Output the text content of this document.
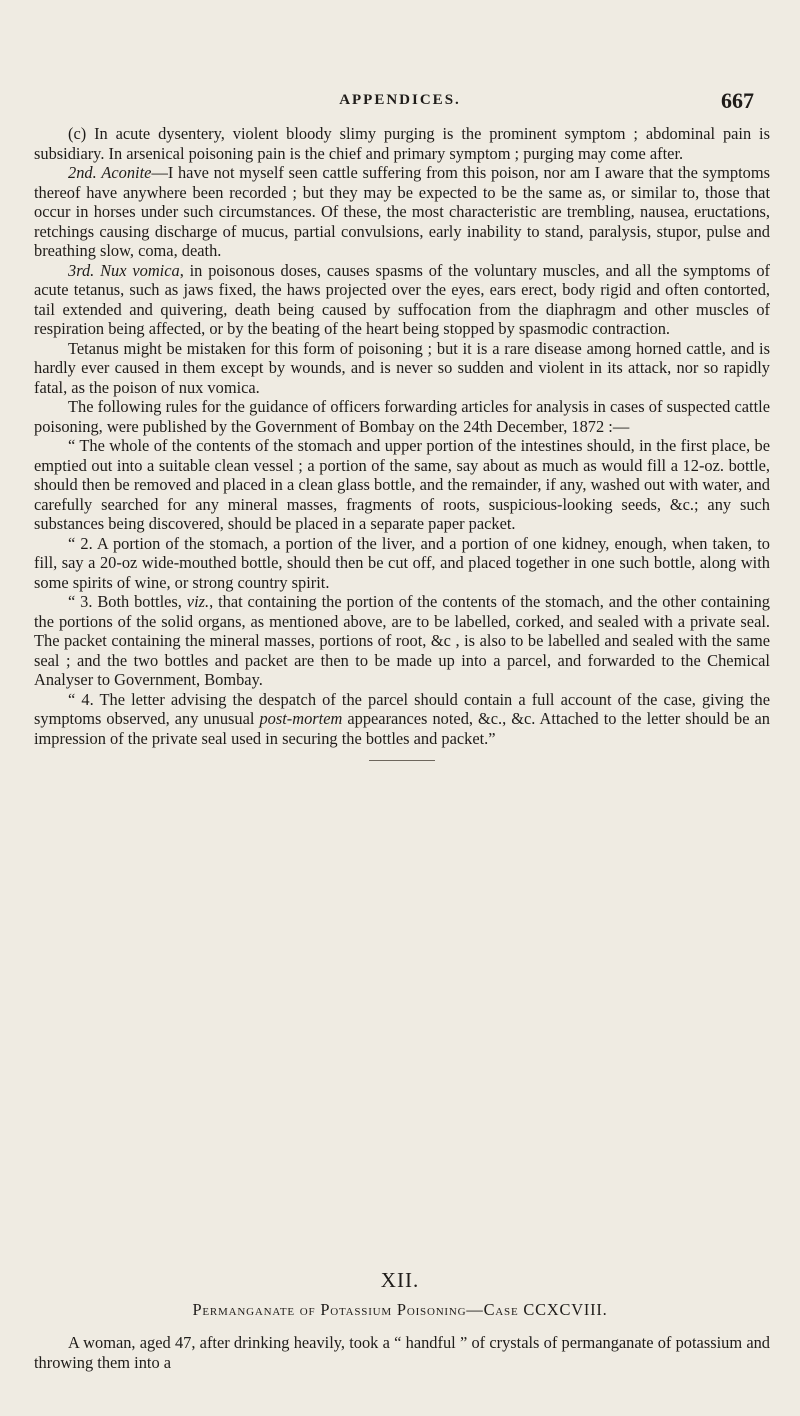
APPENDICES.	667

(c) In acute dysentery, violent bloody slimy purging is the prominent symptom ; abdominal pain is subsidiary. In arsenical poisoning pain is the chief and primary symptom ; purging may come after.

2nd. Aconite—I have not myself seen cattle suffering from this poison, nor am I aware that the symptoms thereof have anywhere been recorded ; but they may be expected to be the same as, or similar to, those that occur in horses under such circumstances. Of these, the most characteristic are trembling, nausea, eructations, retchings causing discharge of mucus, partial convulsions, early inability to stand, paralysis, stupor, pulse and breathing slow, coma, death.

3rd. Nux vomica, in poisonous doses, causes spasms of the voluntary muscles, and all the symptoms of acute tetanus, such as jaws fixed, the haws projected over the eyes, ears erect, body rigid and often contorted, tail extended and quivering, death being caused by suffocation from the diaphragm and other muscles of respiration being affected, or by the beating of the heart being stopped by spasmodic contraction.

Tetanus might be mistaken for this form of poisoning ; but it is a rare disease among horned cattle, and is hardly ever caused in them except by wounds, and is never so sudden and violent in its attack, nor so rapidly fatal, as the poison of nux vomica.

The following rules for the guidance of officers forwarding articles for analysis in cases of suspected cattle poisoning, were published by the Government of Bombay on the 24th December, 1872 :—

“ The whole of the contents of the stomach and upper portion of the intestines should, in the first place, be emptied out into a suitable clean vessel ; a portion of the same, say about as much as would fill a 12-oz. bottle, should then be removed and placed in a clean glass bottle, and the remainder, if any, washed out with water, and carefully searched for any mineral masses, fragments of roots, suspicious-looking seeds, &c.; any such substances being discovered, should be placed in a separate paper packet.

“ 2. A portion of the stomach, a portion of the liver, and a portion of one kidney, enough, when taken, to fill, say a 20-oz wide-mouthed bottle, should then be cut off, and placed together in one such bottle, along with some spirits of wine, or strong country spirit.

“ 3. Both bottles, viz., that containing the portion of the contents of the stomach, and the other containing the portions of the solid organs, as mentioned above, are to be labelled, corked, and sealed with a private seal. The packet containing the mineral masses, portions of root, &c , is also to be labelled and sealed with the same seal ; and the two bottles and packet are then to be made up into a parcel, and forwarded to the Chemical Analyser to Government, Bombay.

“ 4. The letter advising the despatch of the parcel should contain a full account of the case, giving the symptoms observed, any unusual post-mortem appearances noted, &c., &c. Attached to the letter should be an impression of the private seal used in securing the bottles and packet.”

XII.
Permanganate of Potassium Poisoning—Case CCXCVIII.

A woman, aged 47, after drinking heavily, took a “ handful ” of crystals of permanganate of potassium and throwing them into a
